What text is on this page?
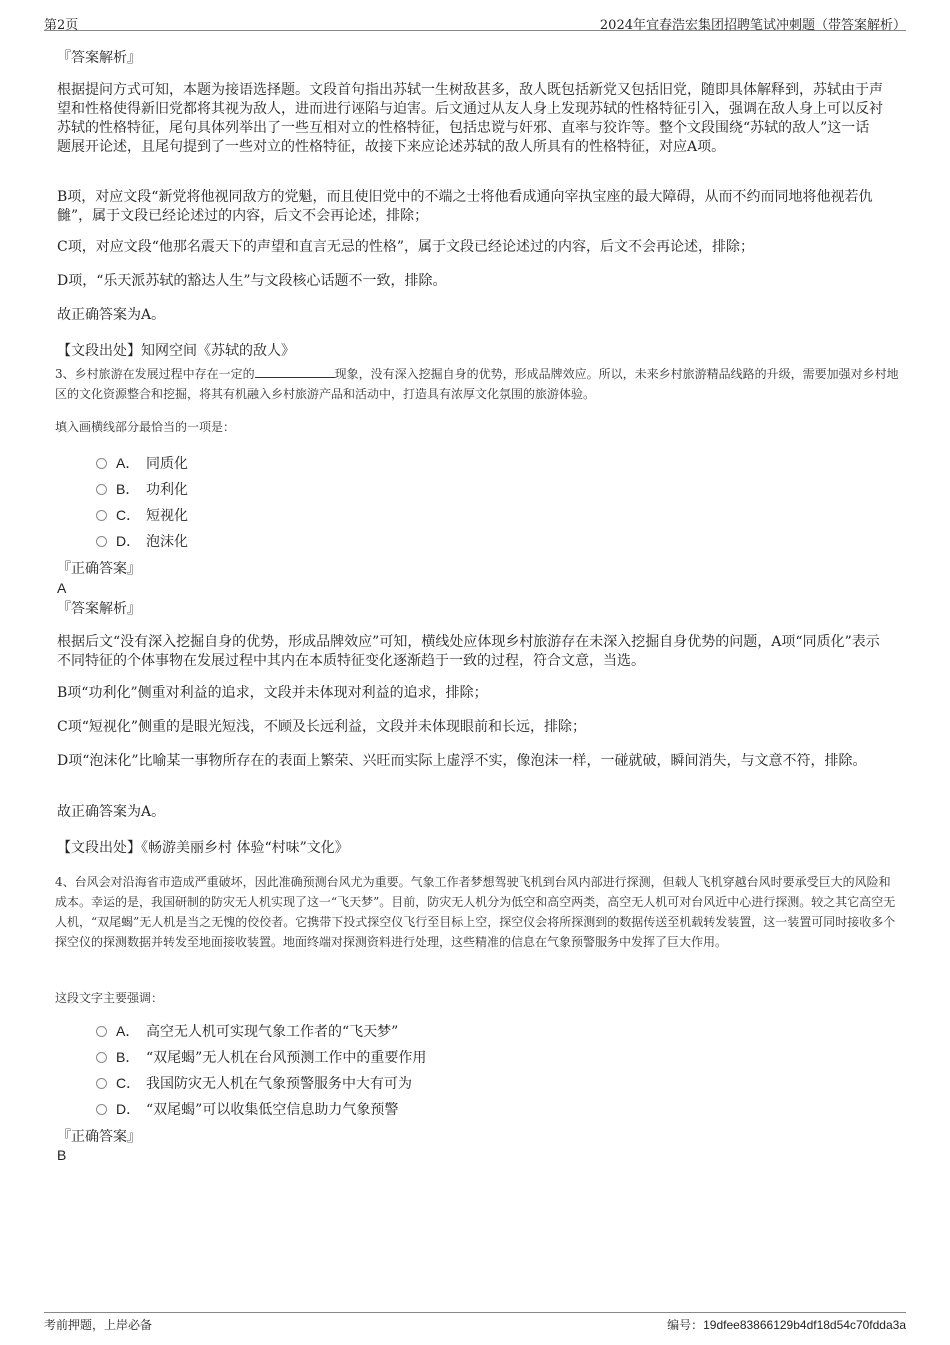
第2页	2024年宜春浩宏集团招聘笔试冲刺题（带答案解析）
『答案解析』
根据提问方式可知，本题为接语选择题。文段首句指出苏轼一生树敌甚多，敌人既包括新党又包括旧党，随即具体解释到，苏轼由于声望和性格使得新旧党都将其视为敌人，进而进行诬陷与迫害。后文通过从友人身上发现苏轼的性格特征引入，强调在敌人身上可以反衬苏轼的性格特征，尾句具体列举出了一些互相对立的性格特征，包括忠谠与奸邪、直率与狡诈等。整个文段围绕“苏轼的敌人”这一话题展开论述，且尾句提到了一些对立的性格特征，故接下来应论述苏轼的敌人所具有的性格特征，对应A项。
B项，对应文段“新党将他视同敌方的党魁，而且使旧党中的不端之士将他看成通向宰执宝座的最大障碍，从而不约而同地将他视若仇雠”，属于文段已经论述过的内容，后文不会再论述，排除；
C项，对应文段“他那名震天下的声望和直言无忌的性格”，属于文段已经论述过的内容，后文不会再论述，排除；
D项，“乐天派苏轼的豁达人生”与文段核心话题不一致，排除。
故正确答案为A。
【文段出处】知网空间《苏轼的敌人》
3、乡村旅游在发展过程中存在一定的	现象，没有深入挖掘自身的优势，形成品牌效应。所以，未来乡村旅游精品线路的升级，需要加强对乡村地区的文化资源整合和挖掘，将其有机融入乡村旅游产品和活动中，打造具有浓厚文化氛围的旅游体验。
填入画横线部分最恰当的一项是：
A． 同质化
B． 功利化
C． 短视化
D． 泡沫化
『正确答案』
A
『答案解析』
根据后文“没有深入挖掘自身的优势，形成品牌效应”可知，横线处应体现乡村旅游存在未深入挖掘自身优势的问题，A项“同质化”表示不同特征的个体事物在发展过程中其内在本质特征变化逐渐趋于一致的过程，符合文意，当选。
B项“功利化”侧重对利益的追求，文段并未体现对利益的追求，排除；
C项“短视化”侧重的是眼光短浅，不顾及长远利益，文段并未体现眼前和长远，排除；
D项“泡沫化”比喻某一事物所存在的表面上繁荣、兴旺而实际上虚浮不实，像泡沫一样，一碰就破，瞬间消失，与文意不符，排除。
故正确答案为A。
【文段出处】《畅游美丽乡村 体验“村味”文化》
4、台风会对沿海省市造成严重破坏，因此准确预测台风尤为重要。气象工作者梦想驾驶飞机到台风内部进行探测，但载人飞机穿越台风时要承受巨大的风险和成本。幸运的是，我国研制的防灾无人机实现了这一“飞天梦”。目前，防灾无人机分为低空和高空两类，高空无人机可对台风近中心进行探测。较之其它高空无人机，“双尾蝎”无人机是当之无愧的佼佼者。它携带下投式探空仪飞行至目标上空，探空仪会将所探测到的数据传送至机载转发装置，这一装置可同时接收多个探空仪的探测数据并转发至地面接收装置。地面终端对探测资料进行处理，这些精准的信息在气象预警服务中发挥了巨大作用。
这段文字主要强调：
A． 高空无人机可实现气象工作者的“飞天梦”
B． “双尾蝎”无人机在台风预测工作中的重要作用
C． 我国防灾无人机在气象预警服务中大有可为
D． “双尾蝎”可以收集低空信息助力气象预警
『正确答案』
B
考前押题，上岸必备	编号：19dfee83866129b4df18d54c70fdda3a
